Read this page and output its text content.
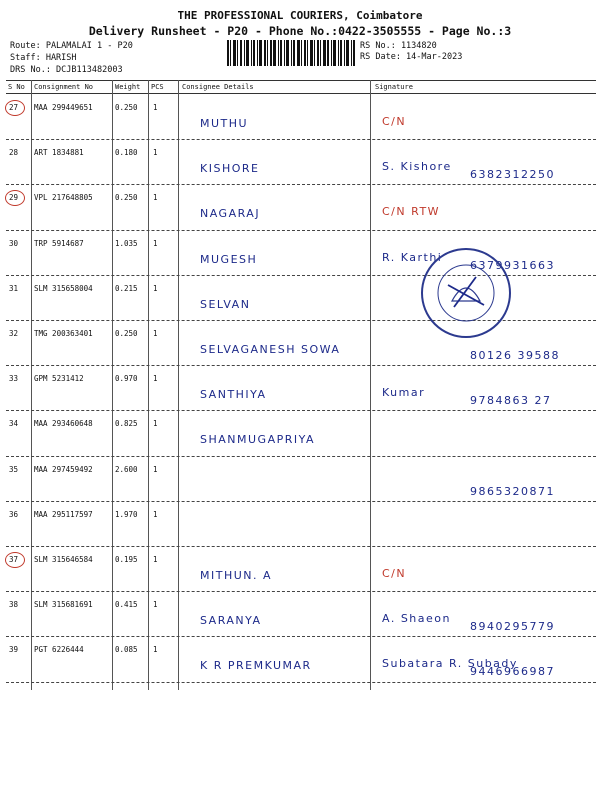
THE PROFESSIONAL COURIERS, Coimbatore
Delivery Runsheet - P20 - Phone No.:0422-3505555 - Page No.:3
Route: PALAMALAI 1 - P20
Staff: HARISH
DRS No.: DCJB113482003
RS No.: 1134820
RS Date: 14-Mar-2023
S No Consignment No	Weight PCS	Consignee Details	Signature
27 MAA 299449651	0.250 1
MUTHU	C/N
28 ART 1834881	0.180 1
KISHORE	S. Kishore
6382312250
29 VPL 217648805	0.250 1
NAGARAJ	C/N RTW
30 TRP 5914687	1.035 1
MUGESH	R. Karthi
6379931663
31 SLM 315658004	0.215 1
SELVAN
32 TMG 200363401	0.250 1
SELVAGANESH SOWA	80126 39588
33 GPM 5231412	0.970 1
SANTHIYA	Kumar
9784863 27
34 MAA 293460648	0.825 1
SHANMUGAPRIYA
35 MAA 297459492	2.600 1
9865320871
36 MAA 295117597	1.970 1
37 SLM 315646584	0.195 1
MITHUN. A	C/N
38 SLM 315681691	0.415 1
SARANYA	A. Shaeon
8940295779
39 PGT 6226444	0.085 1
K R PREMKUMAR	Subatara R. Subady
9446966987
